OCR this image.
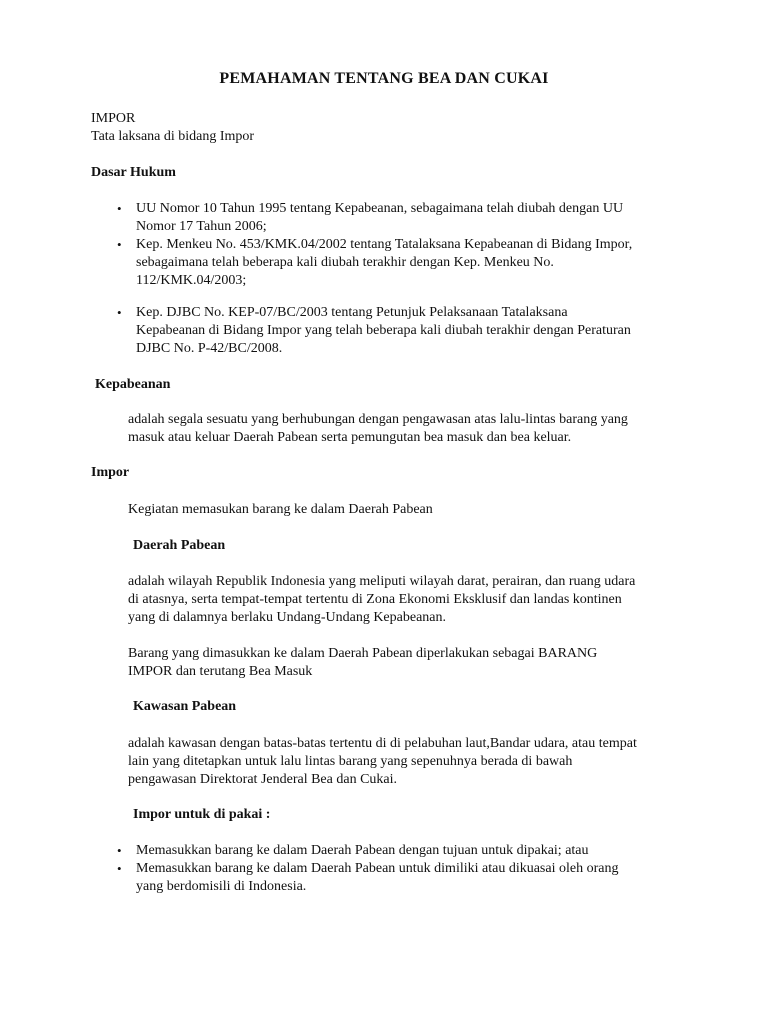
PEMAHAMAN TENTANG BEA DAN CUKAI

IMPOR

Tata laksana di bidang Impor

Dasar Hukum

• UU Nomor 10 Tahun 1995 tentang Kepabeanan, sebagaimana telah diubah dengan UU
Nomor 17 Tahun 2006;

• Kep. Menkeu No. 453/KMK.04/2002 tentang Tatalaksana Kepabeanan di Bidang Impor,
sebagaimana telah beberapa kali diubah terakhir dengan Kep. Menkeu No.
112/KMK.04/2003;

• Kep. DJBC No. KEP-07/BC/2003 tentang Petunjuk Pelaksanaan Tatalaksana
Kepabeanan di Bidang Impor yang telah beberapa kali diubah terakhir dengan Peraturan
DJBC No. P-42/BC/2008.

Kepabeanan

adalah segala sesuatu yang berhubungan dengan pengawasan atas lalu-lintas barang yang
masuk atau keluar Daerah Pabean serta pemungutan bea masuk dan bea keluar.

Impor

Kegiatan memasukan barang ke dalam Daerah Pabean

Daerah Pabean

adalah wilayah Republik Indonesia yang meliputi wilayah darat, perairan, dan ruang udara
di atasnya, serta tempat-tempat tertentu di Zona Ekonomi Eksklusif dan landas kontinen
yang di dalamnya berlaku Undang-Undang Kepabeanan.

Barang yang dimasukkan ke dalam Daerah Pabean diperlakukan sebagai BARANG
IMPOR dan terutang Bea Masuk

Kawasan Pabean

adalah kawasan dengan batas-batas tertentu di di pelabuhan laut,Bandar udara, atau tempat
lain yang ditetapkan untuk lalu lintas barang yang sepenuhnya berada di bawah
pengawasan Direktorat Jenderal Bea dan Cukai.

Impor untuk di pakai :

• Memasukkan barang ke dalam Daerah Pabean dengan tujuan untuk dipakai; atau

• Memasukkan barang ke dalam Daerah Pabean untuk dimiliki atau dikuasai oleh orang
yang berdomisili di Indonesia.
